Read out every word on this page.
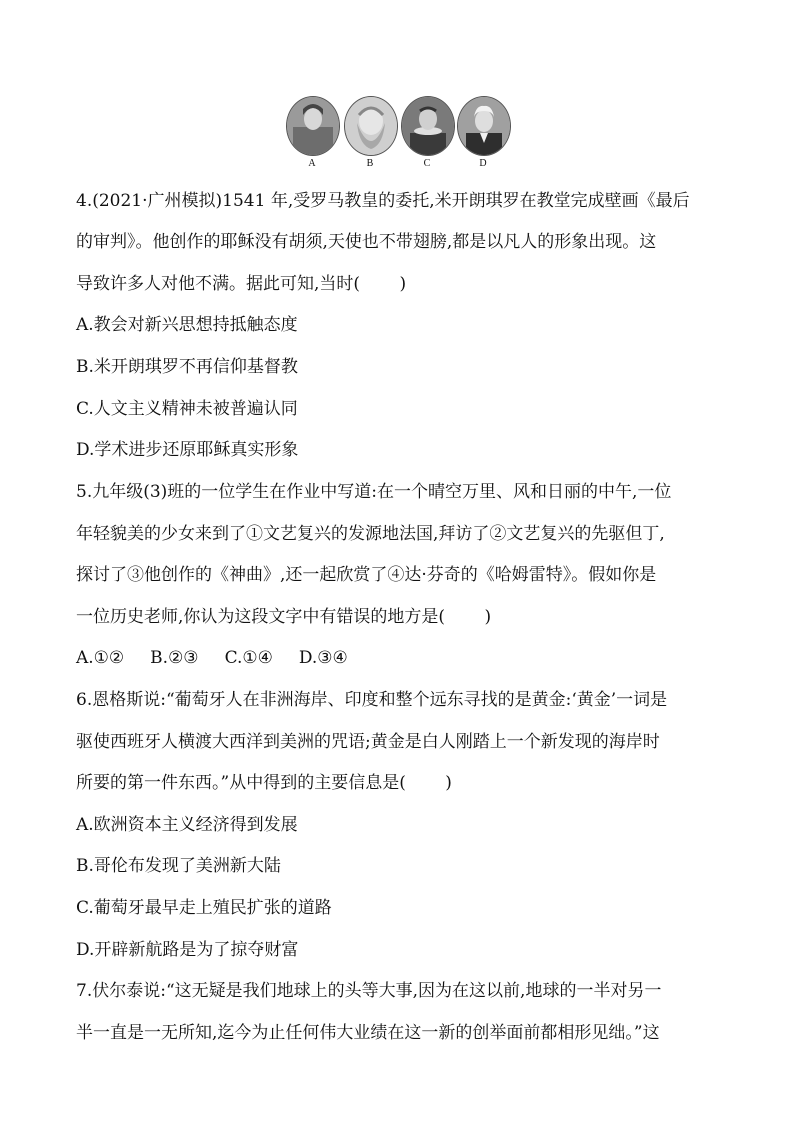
A	B	C	D
4.(2021·广州模拟)1541 年,受罗马教皇的委托,米开朗琪罗在教堂完成壁画《最后
的审判》。他创作的耶稣没有胡须,天使也不带翅膀,都是以凡人的形象出现。这
导致许多人对他不满。据此可知,当时(　　 )
A.教会对新兴思想持抵触态度
B.米开朗琪罗不再信仰基督教
C.人文主义精神未被普遍认同
D.学术进步还原耶稣真实形象
5.九年级(3)班的一位学生在作业中写道:在一个晴空万里、风和日丽的中午,一位
年轻貌美的少女来到了①文艺复兴的发源地法国,拜访了②文艺复兴的先驱但丁,
探讨了③他创作的《神曲》,还一起欣赏了④达·芬奇的《哈姆雷特》。假如你是
一位历史老师,你认为这段文字中有错误的地方是(　　 )
A.①② B.②③ C.①④ D.③④
6.恩格斯说:“葡萄牙人在非洲海岸、印度和整个远东寻找的是黄金:‘黄金’一词是
驱使西班牙人横渡大西洋到美洲的咒语;黄金是白人刚踏上一个新发现的海岸时
所要的第一件东西。”从中得到的主要信息是(　　 )
A.欧洲资本主义经济得到发展
B.哥伦布发现了美洲新大陆
C.葡萄牙最早走上殖民扩张的道路
D.开辟新航路是为了掠夺财富
7.伏尔泰说:“这无疑是我们地球上的头等大事,因为在这以前,地球的一半对另一
半一直是一无所知,迄今为止任何伟大业绩在这一新的创举面前都相形见绌。”这
